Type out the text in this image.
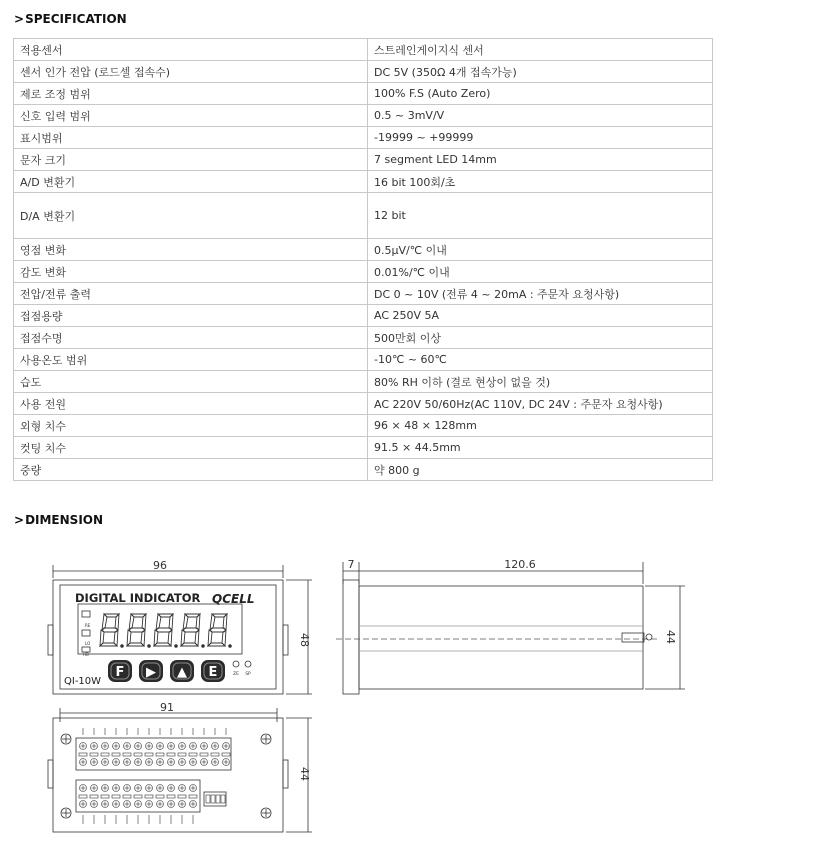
>SPECIFICATION
적용센서	스트레인게이지식 센서
센서 인가 전압 (로드셀 접속수)	DC 5V (350Ω 4개 접속가능)
제로 조정 범위	100% F.S (Auto Zero)
신호 입력 범위	0.5 ~ 3mV/V
표시범위	-19999 ~ +99999
문자 크기	7 segment LED 14mm
A/D 변환기	16 bit 100회/초
D/A 변환기	12 bit
영점 변화	0.5μV/℃ 이내
감도 변화	0.01%/℃ 이내
전압/전류 출력	DC 0 ~ 10V (전류 4 ~ 20mA : 주문자 요청사항)
접점용량	AC 250V 5A
접점수명	500만회 이상
사용온도 범위	-10℃ ~ 60℃
습도	80% RH 이하 (결로 현상이 없을 것)
사용 전원	AC 220V 50/60Hz(AC 110V, DC 24V : 주문자 요청사항)
외형 치수	96 × 48 × 128mm
컷팅 치수	91.5 × 44.5mm
중량	약 800 g
>DIMENSION
96
48
DIGITAL INDICATOR QCELL
QI-10W
F ▶ ▲ E	ZE SP
RE
LO
HB
7	120.6
44
91
44
